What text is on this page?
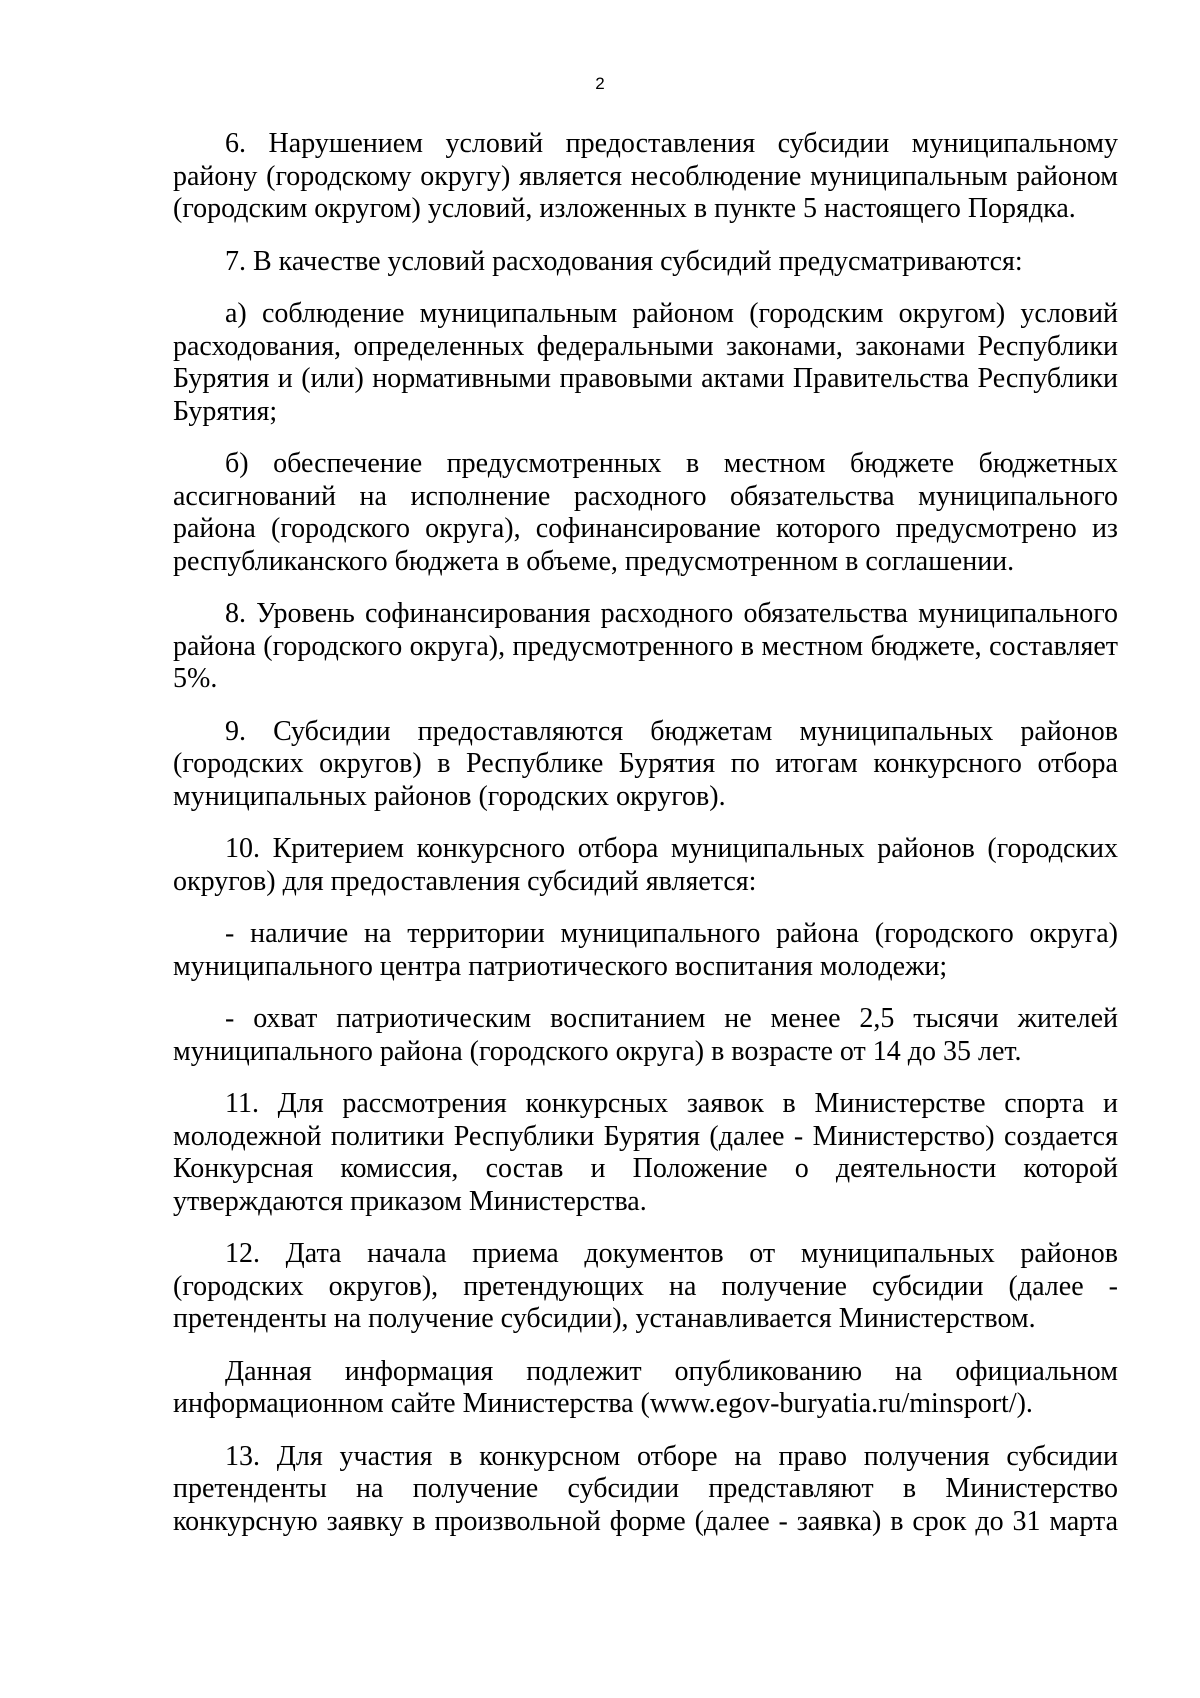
2

6. Нарушением условий предоставления субсидии муниципальному району (городскому округу) является несоблюдение муниципальным районом (городским округом) условий, изложенных в пункте 5 настоящего Порядка.

7. В качестве условий расходования субсидий предусматриваются:

а) соблюдение муниципальным районом (городским округом) условий расходования, определенных федеральными законами, законами Республики Бурятия и (или) нормативными правовыми актами Правительства Республики Бурятия;

б) обеспечение предусмотренных в местном бюджете бюджетных ассигнований на исполнение расходного обязательства муниципального района (городского округа), софинансирование которого предусмотрено из республиканского бюджета в объеме, предусмотренном в соглашении.

8. Уровень софинансирования расходного обязательства муниципального района (городского округа), предусмотренного в местном бюджете, составляет 5%.

9. Субсидии предоставляются бюджетам муниципальных районов (городских округов) в Республике Бурятия по итогам конкурсного отбора муниципальных районов (городских округов).

10. Критерием конкурсного отбора муниципальных районов (городских округов) для предоставления субсидий является:

- наличие на территории муниципального района (городского округа) муниципального центра патриотического воспитания молодежи;

- охват патриотическим воспитанием не менее 2,5 тысячи жителей муниципального района (городского округа) в возрасте от 14 до 35 лет.

11. Для рассмотрения конкурсных заявок в Министерстве спорта и молодежной политики Республики Бурятия (далее - Министерство) создается Конкурсная комиссия, состав и Положение о деятельности которой утверждаются приказом Министерства.

12. Дата начала приема документов от муниципальных районов (городских округов), претендующих на получение субсидии (далее - претенденты на получение субсидии), устанавливается Министерством.

Данная информация подлежит опубликованию на официальном информационном сайте Министерства (www.egov-buryatia.ru/minsport/).

13. Для участия в конкурсном отборе на право получения субсидии претенденты на получение субсидии представляют в Министерство конкурсную заявку в произвольной форме (далее - заявка) в срок до 31 марта
